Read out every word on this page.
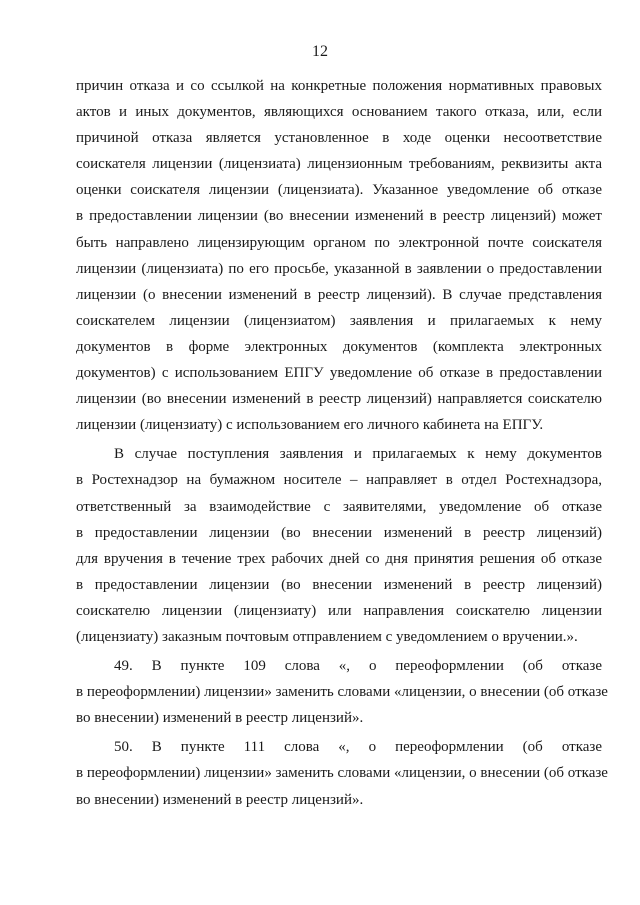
12
причин отказа и со ссылкой на конкретные положения нормативных правовых
актов и иных документов, являющихся основанием такого отказа, или, если
причиной отказа является установленное в ходе оценки несоответствие
соискателя лицензии (лицензиата) лицензионным требованиям, реквизиты акта
оценки соискателя лицензии (лицензиата). Указанное уведомление об отказе
в предоставлении лицензии (во внесении изменений в реестр лицензий) может
быть направлено лицензирующим органом по электронной почте соискателя
лицензии (лицензиата) по его просьбе, указанной в заявлении о предоставлении
лицензии (о внесении изменений в реестр лицензий). В случае представления
соискателем лицензии (лицензиатом) заявления и прилагаемых к нему
документов в форме электронных документов (комплекта электронных
документов) с использованием ЕПГУ уведомление об отказе в предоставлении
лицензии (во внесении изменений в реестр лицензий) направляется соискателю
лицензии (лицензиату) с использованием его личного кабинета на ЕПГУ.
В случае поступления заявления и прилагаемых к нему документов
в Ростехнадзор на бумажном носителе – направляет в отдел Ростехнадзора,
ответственный за взаимодействие с заявителями, уведомление об отказе
в предоставлении лицензии (во внесении изменений в реестр лицензий)
для вручения в течение трех рабочих дней со дня принятия решения об отказе
в предоставлении лицензии (во внесении изменений в реестр лицензий)
соискателю лицензии (лицензиату) или направления соискателю лицензии
(лицензиату) заказным почтовым отправлением с уведомлением о вручении.».
49. В пункте 109 слова «, о переоформлении (об отказе
в переоформлении) лицензии» заменить словами «лицензии, о внесении (об отказе
во внесении) изменений в реестр лицензий».
50. В пункте 111 слова «, о переоформлении (об отказе
в переоформлении) лицензии» заменить словами «лицензии, о внесении (об отказе
во внесении) изменений в реестр лицензий».
